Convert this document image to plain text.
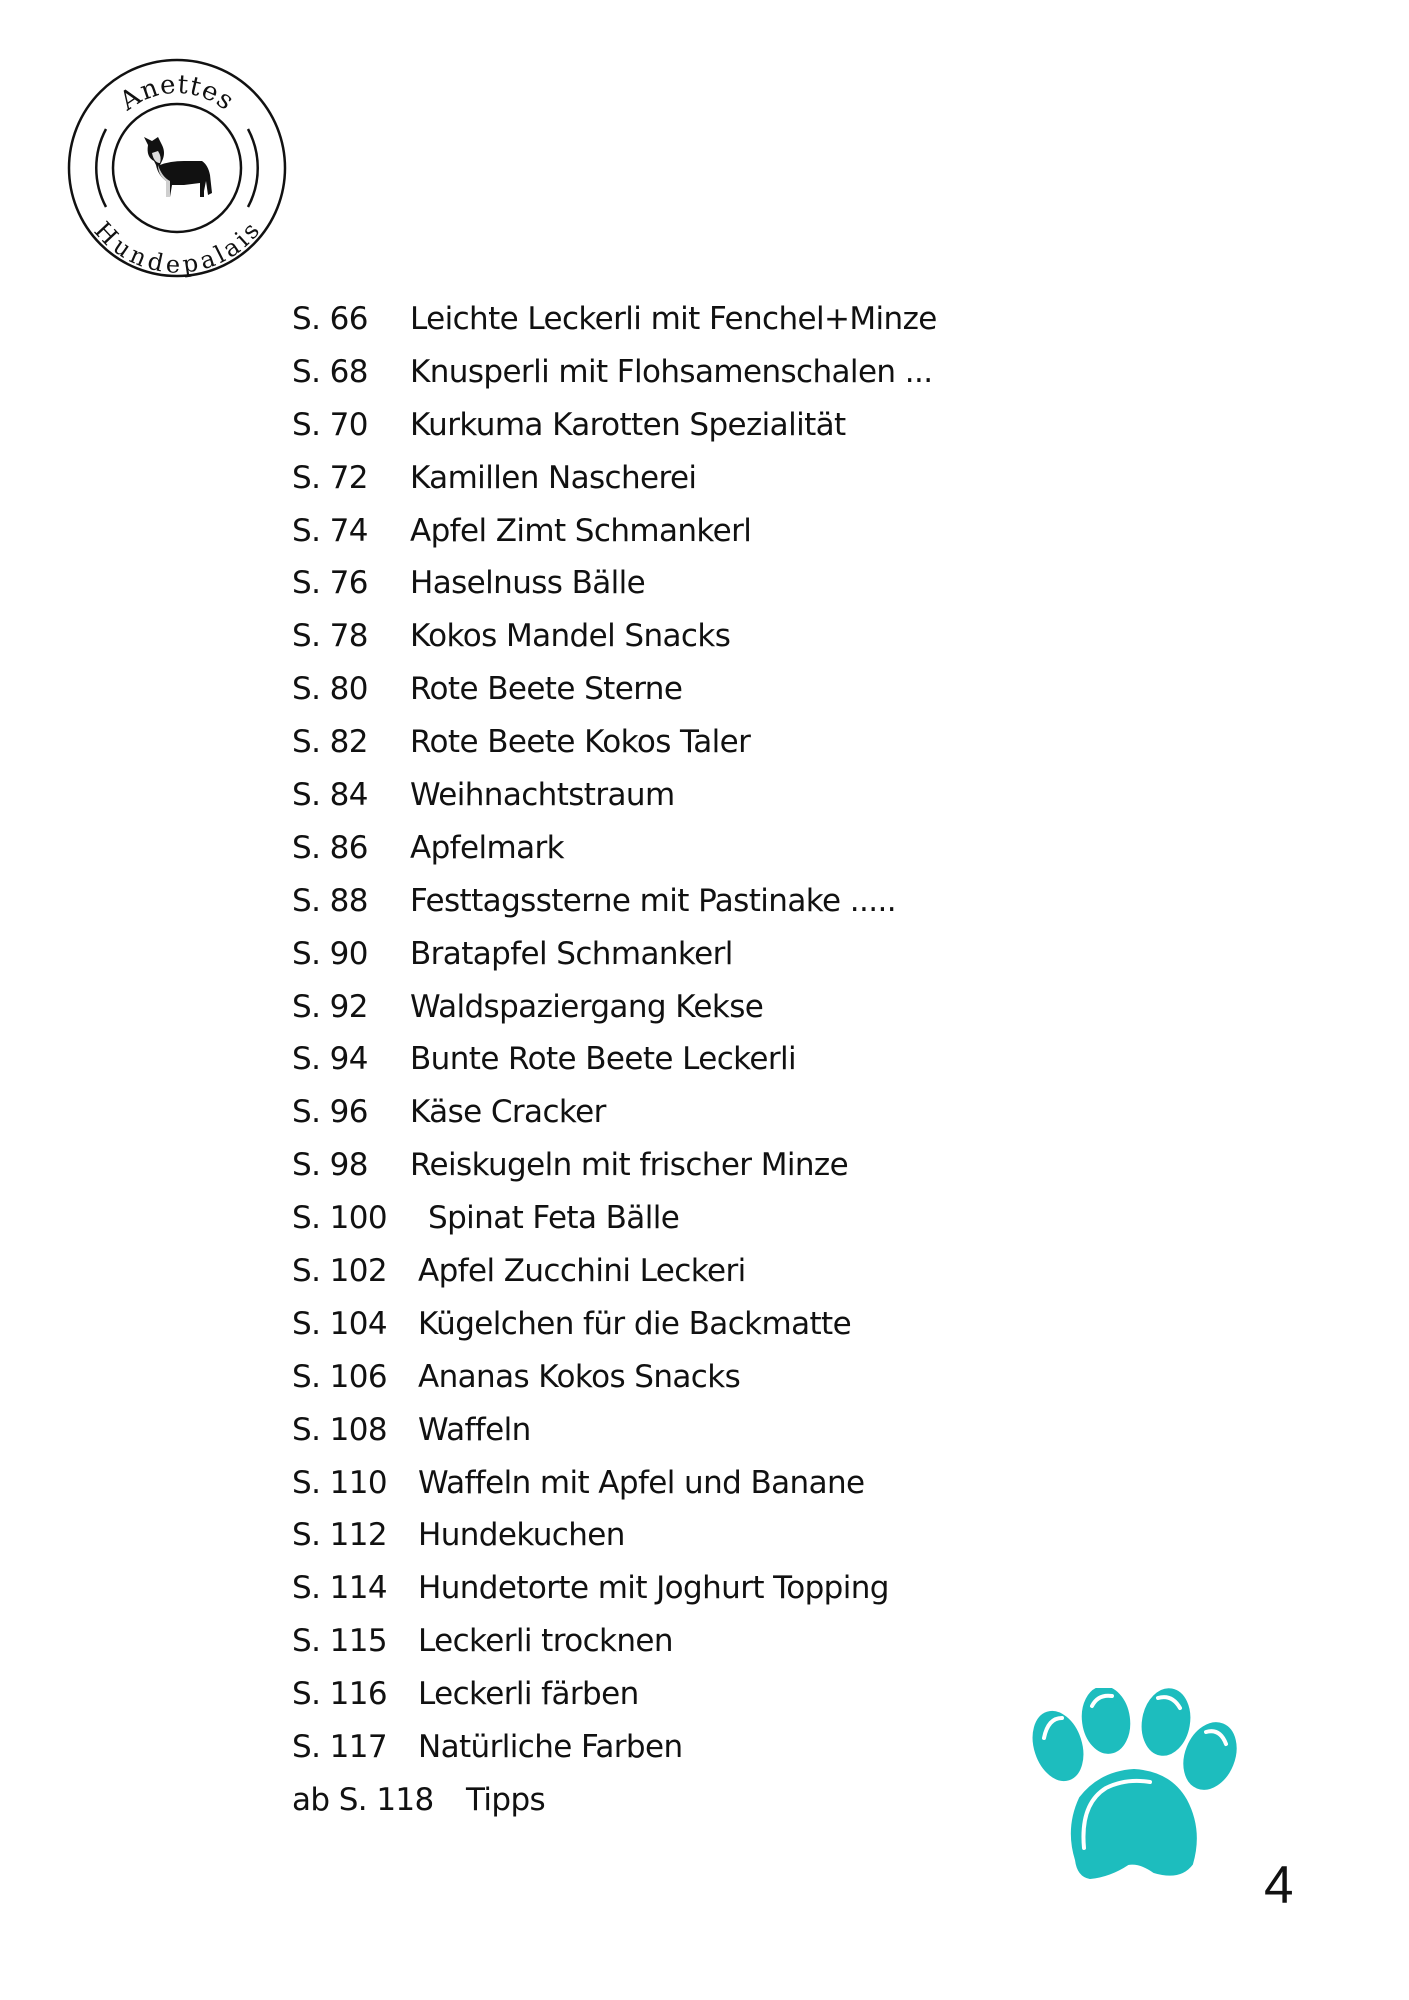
Anettes
Hundepalais
S. 66 Leichte Leckerli mit Fenchel+Minze
S. 68 Knusperli mit Flohsamenschalen ...
S. 70 Kurkuma Karotten Spezialität
S. 72 Kamillen Nascherei
S. 74 Apfel Zimt Schmankerl
S. 76 Haselnuss Bälle
S. 78 Kokos Mandel Snacks
S. 80 Rote Beete Sterne
S. 82 Rote Beete Kokos Taler
S. 84 Weihnachtstraum
S. 86 Apfelmark
S. 88 Festtagssterne mit Pastinake .....
S. 90 Bratapfel Schmankerl
S. 92 Waldspaziergang Kekse
S. 94 Bunte Rote Beete Leckerli
S. 96 Käse Cracker
S. 98 Reiskugeln mit frischer Minze
S. 100 Spinat Feta Bälle
S. 102 Apfel Zucchini Leckeri
S. 104 Kügelchen für die Backmatte
S. 106 Ananas Kokos Snacks
S. 108 Waffeln
S. 110 Waffeln mit Apfel und Banane
S. 112 Hundekuchen
S. 114 Hundetorte mit Joghurt Topping
S. 115 Leckerli trocknen
S. 116 Leckerli färben
S. 117 Natürliche Farben
ab S. 118 Tipps
4
